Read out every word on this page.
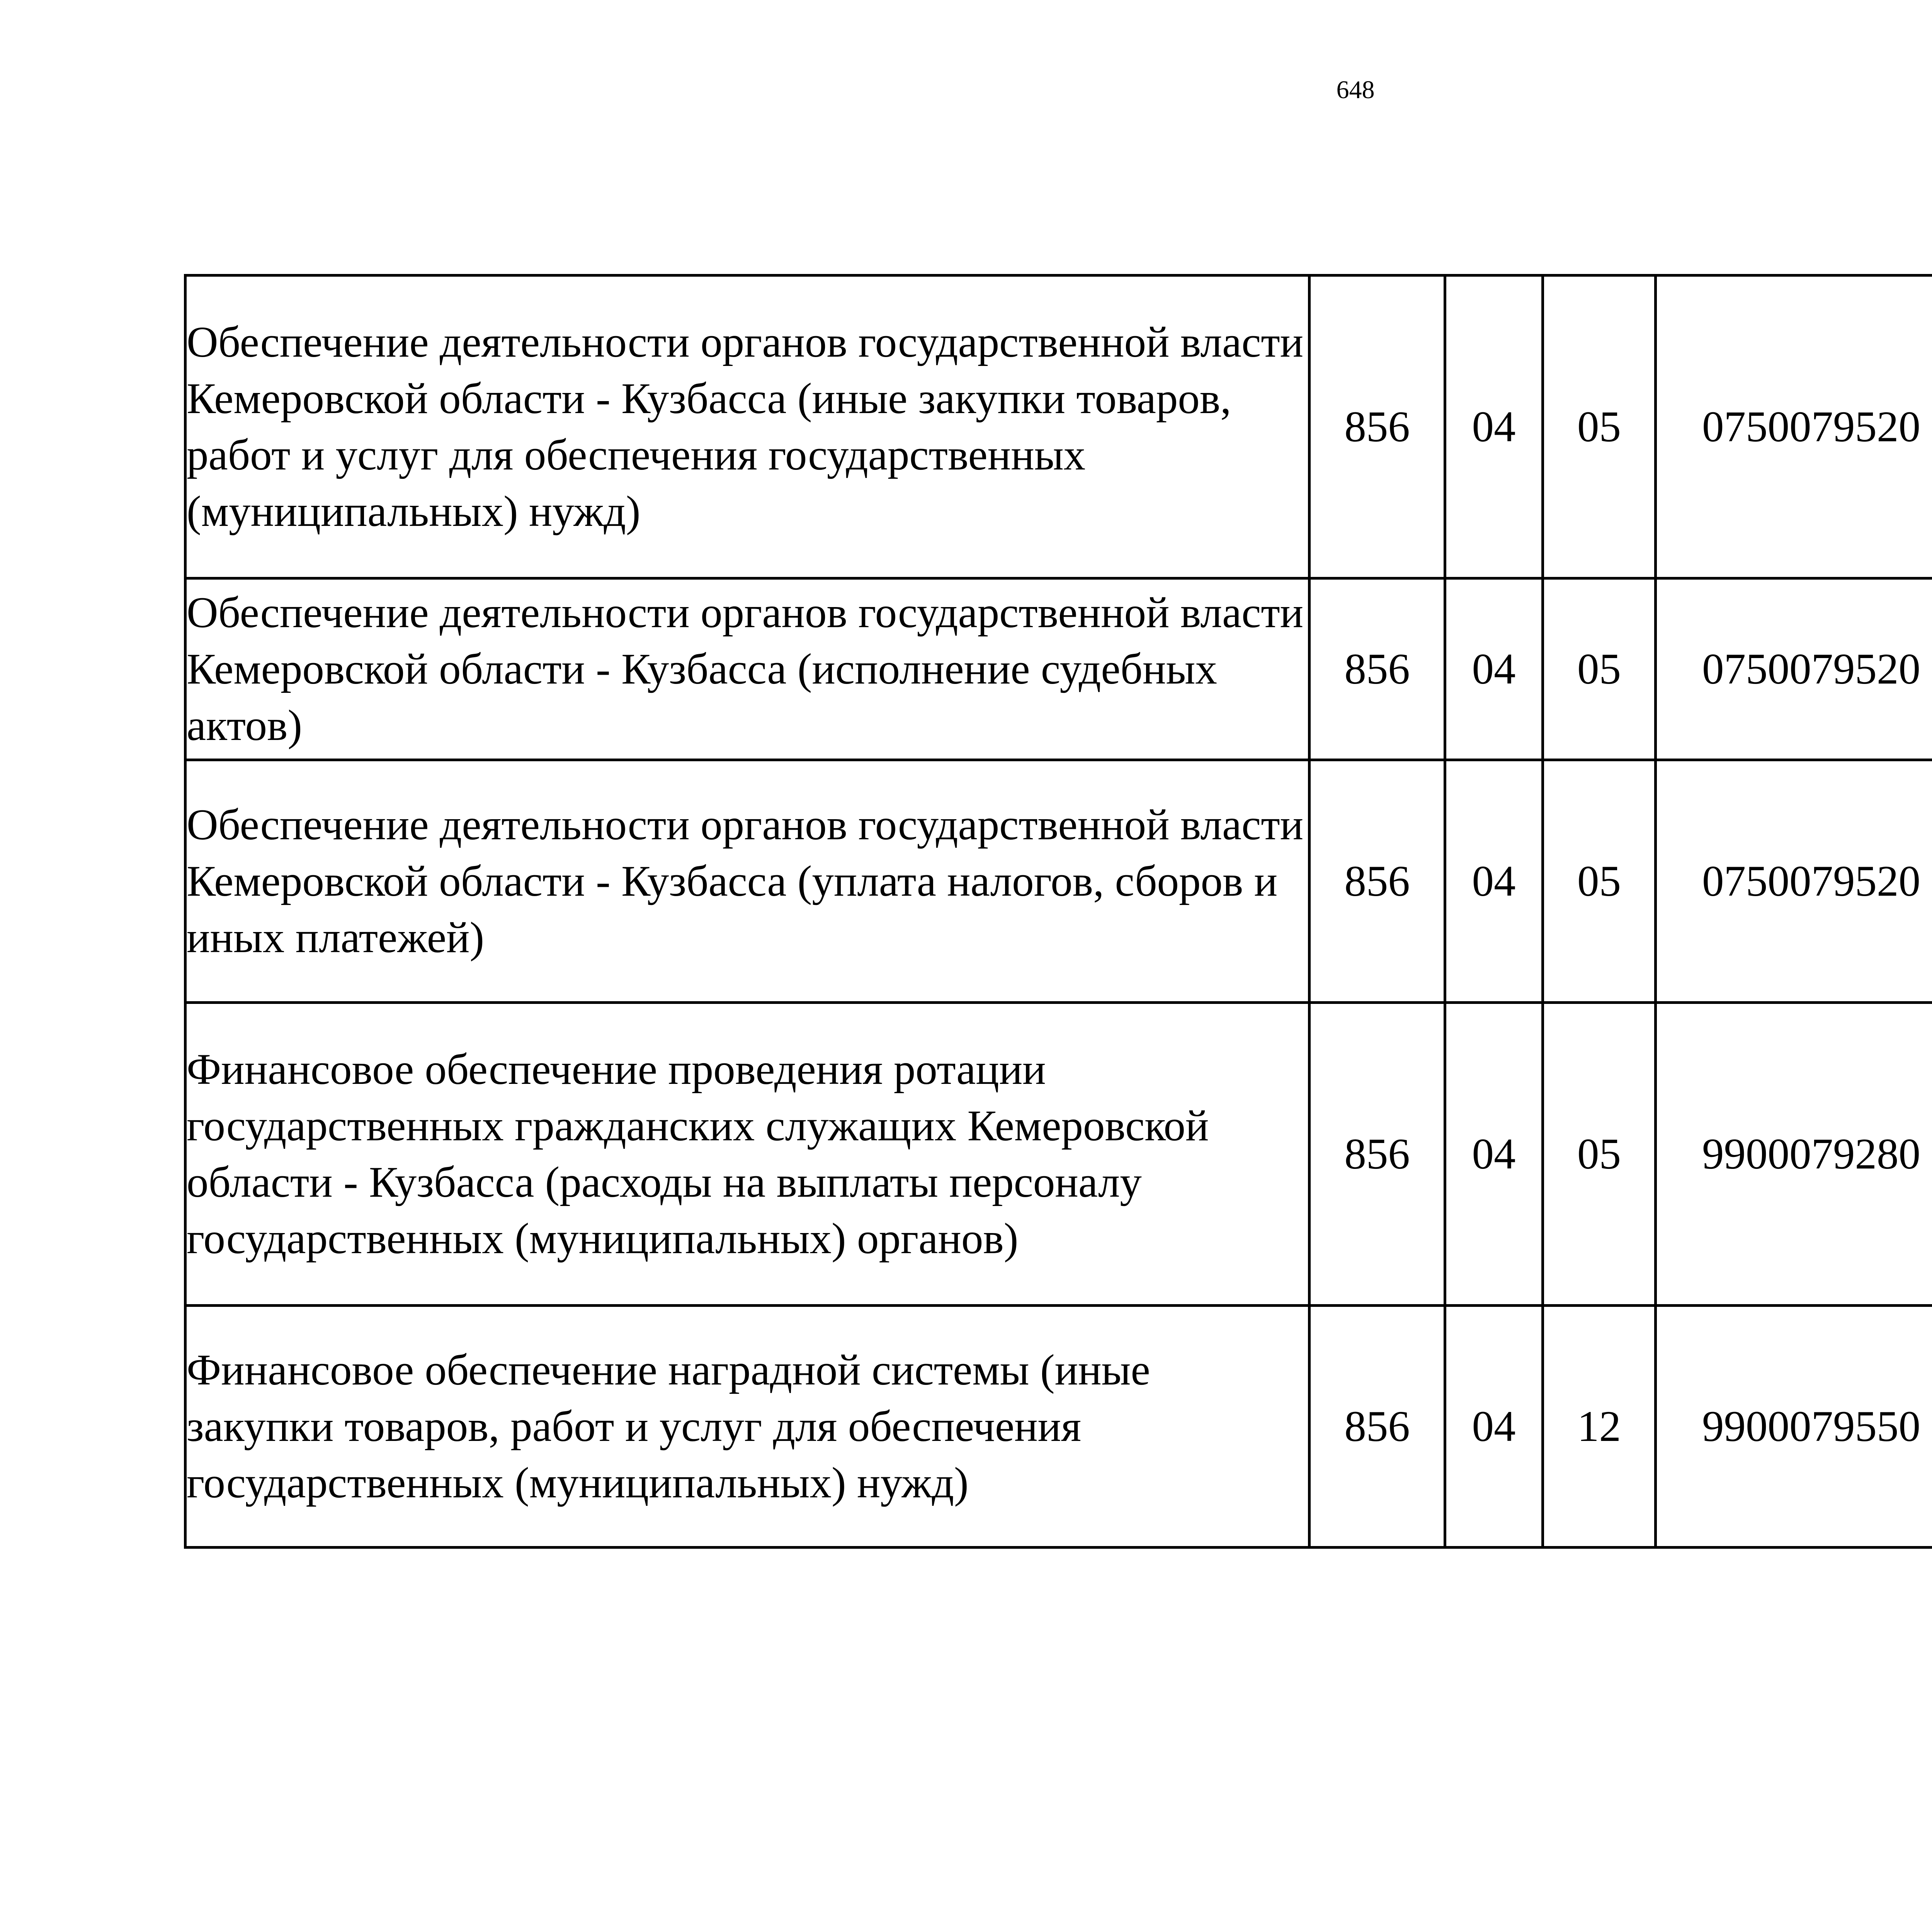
648
Обеспечение деятельности органов государственной власти Кемеровской области - Кузбасса (иные закупки товаров, работ и услуг для обеспечения государственных (муниципальных) нужд)	856	04	05	0750079520		
Обеспечение деятельности органов государственной власти Кемеровской области - Кузбасса (исполнение судебных актов)	856	04	05	0750079520		
Обеспечение деятельности органов государственной власти Кемеровской области - Кузбасса (уплата налогов, сборов и иных платежей)	856	04	05	0750079520		
Финансовое обеспечение проведения ротации государственных гражданских служащих Кемеровской области - Кузбасса (расходы на выплаты персоналу государственных (муниципальных) органов)	856	04	05	9900079280		
Финансовое обеспечение наградной системы (иные закупки товаров, работ и услуг для обеспечения государственных (муниципальных) нужд)	856	04	12	9900079550		
